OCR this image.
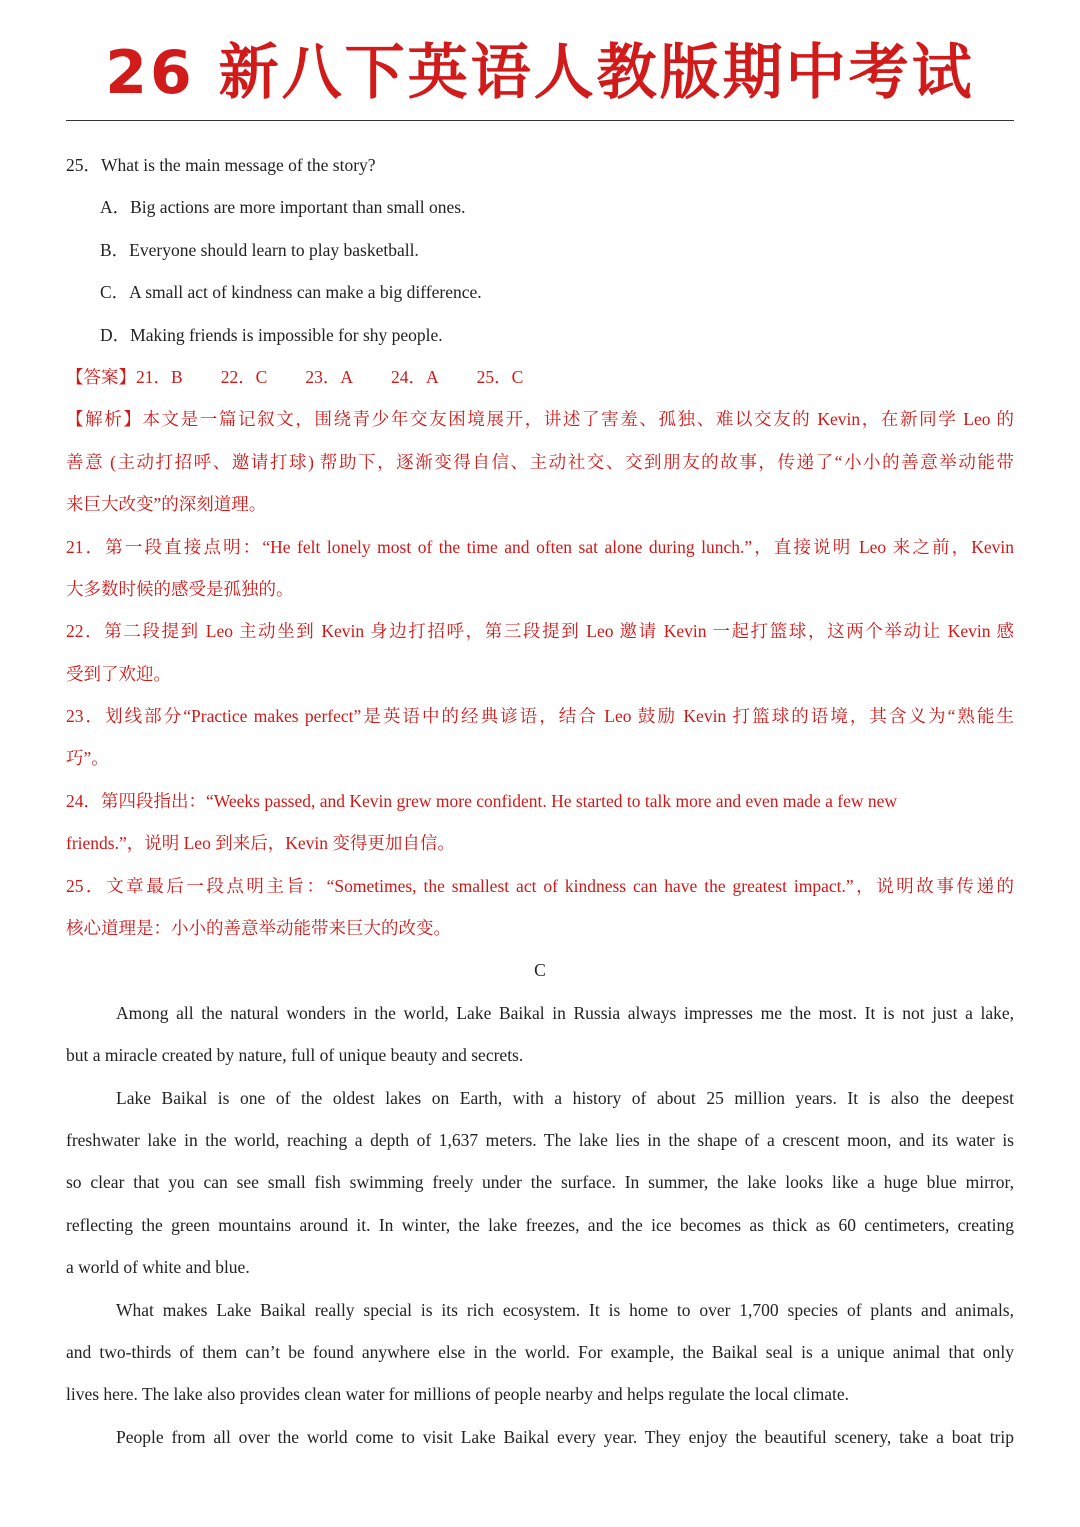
26 新八下英语人教版期中考试
25．What is the main message of the story?
A．Big actions are more important than small ones.
B．Everyone should learn to play basketball.
C．A small act of kindness can make a big difference.
D．Making friends is impossible for shy people.
【答案】21．B 22．C 23．A 24．A 25．C
【解析】本文是一篇记叙文，围绕青少年交友困境展开，讲述了害羞、孤独、难以交友的 Kevin，在新同学 Leo 的
善意 (主动打招呼、邀请打球) 帮助下，逐渐变得自信、主动社交、交到朋友的故事，传递了“小小的善意举动能带
来巨大改变”的深刻道理。
21．第一段直接点明：“He felt lonely most of the time and often sat alone during lunch.”，直接说明 Leo 来之前，Kevin
大多数时候的感受是孤独的。
22．第二段提到 Leo 主动坐到 Kevin 身边打招呼，第三段提到 Leo 邀请 Kevin 一起打篮球，这两个举动让 Kevin 感
受到了欢迎。
23．划线部分“Practice makes perfect”是英语中的经典谚语，结合 Leo 鼓励 Kevin 打篮球的语境，其含义为“熟能生
巧”。
24．第四段指出：“Weeks passed, and Kevin grew more confident. He started to talk more and even made a few new
friends.”，说明 Leo 到来后，Kevin 变得更加自信。
25．文章最后一段点明主旨：“Sometimes, the smallest act of kindness can have the greatest impact.”，说明故事传递的
核心道理是：小小的善意举动能带来巨大的改变。
C
Among all the natural wonders in the world, Lake Baikal in Russia always impresses me the most. It is not just a lake,
but a miracle created by nature, full of unique beauty and secrets.
Lake Baikal is one of the oldest lakes on Earth, with a history of about 25 million years. It is also the deepest
freshwater lake in the world, reaching a depth of 1,637 meters. The lake lies in the shape of a crescent moon, and its water is
so clear that you can see small fish swimming freely under the surface. In summer, the lake looks like a huge blue mirror,
reflecting the green mountains around it. In winter, the lake freezes, and the ice becomes as thick as 60 centimeters, creating
a world of white and blue.
What makes Lake Baikal really special is its rich ecosystem. It is home to over 1,700 species of plants and animals,
and two-thirds of them can’t be found anywhere else in the world. For example, the Baikal seal is a unique animal that only
lives here. The lake also provides clean water for millions of people nearby and helps regulate the local climate.
People from all over the world come to visit Lake Baikal every year. They enjoy the beautiful scenery, take a boat trip
